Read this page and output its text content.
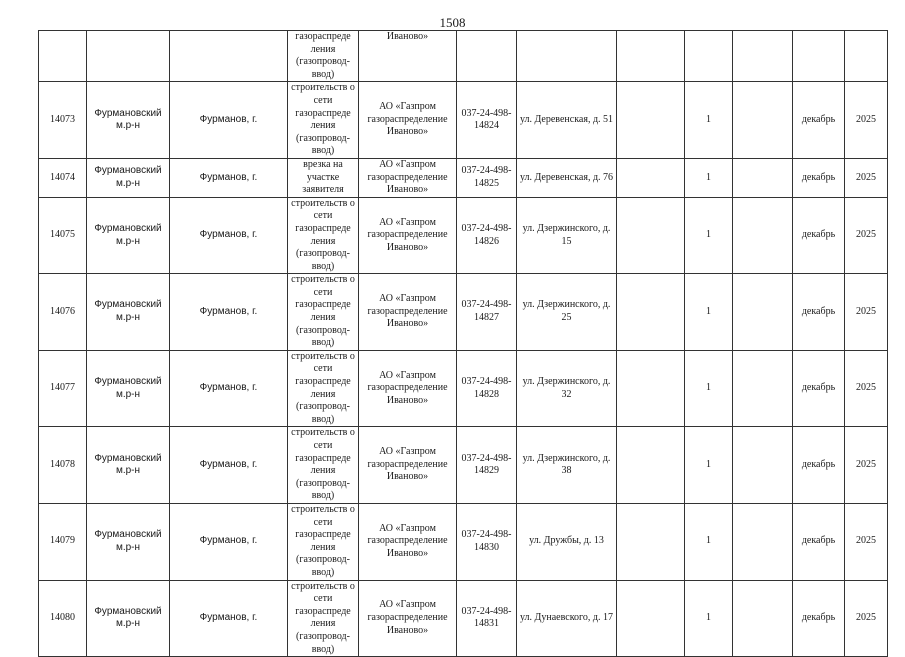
1508
			газораспреде ления (газопровод-ввод)	Иваново»							
14073	Фурмановский м.р-н	Фурманов, г.	строительств о сети газораспреде ления (газопровод-ввод)	АО «Газпром газораспределение Иваново»	037-24-498-14824	ул. Деревенская, д. 51		1		декабрь	2025
14074	Фурмановский м.р-н	Фурманов, г.	врезка на участке заявителя	АО «Газпром газораспределение Иваново»	037-24-498-14825	ул. Деревенская, д. 76		1		декабрь	2025
14075	Фурмановский м.р-н	Фурманов, г.	строительств о сети газораспреде ления (газопровод-ввод)	АО «Газпром газораспределение Иваново»	037-24-498-14826	ул. Дзержинского, д. 15		1		декабрь	2025
14076	Фурмановский м.р-н	Фурманов, г.	строительств о сети газораспреде ления (газопровод-ввод)	АО «Газпром газораспределение Иваново»	037-24-498-14827	ул. Дзержинского, д. 25		1		декабрь	2025
14077	Фурмановский м.р-н	Фурманов, г.	строительств о сети газораспреде ления (газопровод-ввод)	АО «Газпром газораспределение Иваново»	037-24-498-14828	ул. Дзержинского, д. 32		1		декабрь	2025
14078	Фурмановский м.р-н	Фурманов, г.	строительств о сети газораспреде ления (газопровод-ввод)	АО «Газпром газораспределение Иваново»	037-24-498-14829	ул. Дзержинского, д. 38		1		декабрь	2025
14079	Фурмановский м.р-н	Фурманов, г.	строительств о сети газораспреде ления (газопровод-ввод)	АО «Газпром газораспределение Иваново»	037-24-498-14830	ул. Дружбы, д. 13		1		декабрь	2025
14080	Фурмановский м.р-н	Фурманов, г.	строительств о сети газораспреде ления (газопровод-ввод)	АО «Газпром газораспределение Иваново»	037-24-498-14831	ул. Дунаевского, д. 17		1		декабрь	2025
